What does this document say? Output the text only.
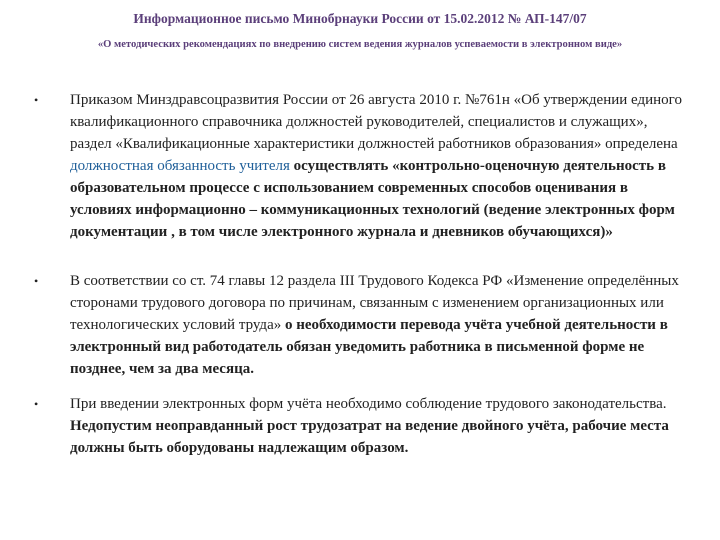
Информационное письмо Минобрнауки России от 15.02.2012 № АП-147/07
«О методических рекомендациях по внедрению систем ведения журналов успеваемости в электронном виде»
• Приказом Минздравсоцразвития России от 26 августа 2010 г. №761н «Об утверждении единого квалификационного справочника должностей руководителей, специалистов и служащих», раздел «Квалификационные характеристики должностей работников образования» определена должностная обязанность учителя осуществлять «контрольно-оценочную деятельность в образовательном процессе с использованием современных способов оценивания в условиях информационно – коммуникационных технологий (ведение электронных форм документации , в том числе электронного журнала и дневников обучающихся)»
• В соответствии со ст. 74 главы 12 раздела III Трудового Кодекса РФ «Изменение определённых сторонами трудового договора по причинам, связанным с изменением организационных или технологических условий труда» о необходимости перевода учёта учебной деятельности в электронный вид работодатель обязан уведомить работника в письменной форме не позднее, чем за два месяца.
• При введении электронных форм учёта необходимо соблюдение трудового законодательства. Недопустим неоправданный рост трудозатрат на ведение двойного учёта, рабочие места должны быть оборудованы надлежащим образом.
